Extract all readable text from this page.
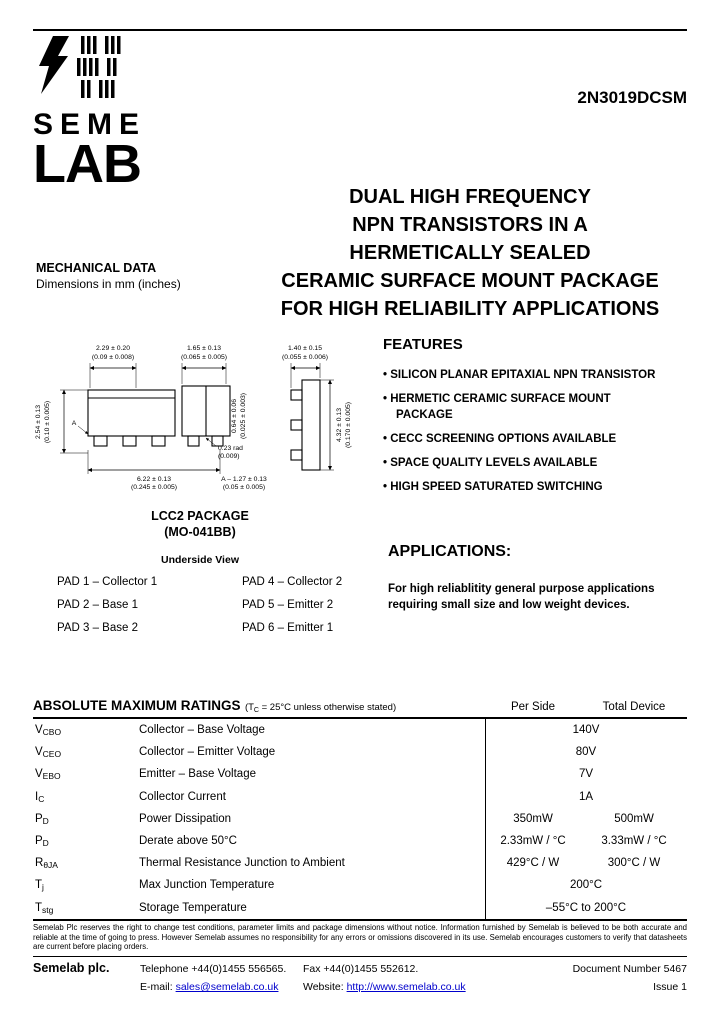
SEME
LAB
2N3019DCSM
DUAL HIGH FREQUENCY
NPN TRANSISTORS IN A
HERMETICALLY SEALED
CERAMIC SURFACE MOUNT PACKAGE
FOR HIGH RELIABILITY APPLICATIONS
MECHANICAL DATA
Dimensions in mm (inches)
2.29 ± 0.20
(0.09 ± 0.008)
1.65 ± 0.13
(0.065 ± 0.005)
1.40 ± 0.15
(0.055 ± 0.006)
2.54 ± 0.13 (0.10 ± 0.005)	A	0.64 ± 0.06 (0.025 ± 0.003)
0.23 rad
(0.009)
6.22 ± 0.13
(0.245 ± 0.005)
A – 1.27 ± 0.13
(0.05 ± 0.005)
4.32 ± 0.13 (0.170 ± 0.005)
FEATURES
• SILICON PLANAR EPITAXIAL NPN TRANSISTOR
• HERMETIC CERAMIC SURFACE MOUNT PACKAGE
• CECC SCREENING OPTIONS AVAILABLE
• SPACE QUALITY LEVELS AVAILABLE
• HIGH SPEED SATURATED SWITCHING
LCC2 PACKAGE
(MO-041BB)
Underside View
PAD 1 – Collector 1
PAD 2 – Base 1
PAD 3 – Base 2
PAD 4 – Collector 2
PAD 5 – Emitter 2
PAD 6 – Emitter 1
APPLICATIONS:
For high reliablitity general purpose applications requiring small size and low weight devices.
ABSOLUTE MAXIMUM RATINGS ($T_C = 25^\circ C$ unless otherwise stated)	Per Side	Total Device
$V_{CBO}$	Collector – Base Voltage	140V
$V_{CEO}$	Collector – Emitter Voltage	80V
$V_{EBO}$	Emitter – Base Voltage	7V
$I_C$	Collector Current	1A
$P_D$	Power Dissipation	350mW	500mW
$P_D$	Derate above 50°C	2.33mW / °C	3.33mW / °C
$R_{\theta JA}$	Thermal Resistance Junction to Ambient	429°C / W	300°C / W
$T_j$	Max Junction Temperature	200°C
$T_{stg}$	Storage Temperature	–55°C to 200°C
Semelab Plc reserves the right to change test conditions, parameter limits and package dimensions without notice. Information furnished by Semelab is believed to be both accurate and reliable at the time of going to press. However Semelab assumes no responsibility for any errors or omissions discovered in its use. Semelab encourages customers to verify that datasheets are current before placing orders.
Semelab plc.	Telephone +44(0)1455 556565. Fax +44(0)1455 552612.	Document Number 5467
E-mail: sales@semelab.co.uk Website: http://www.semelab.co.uk	Issue 1
